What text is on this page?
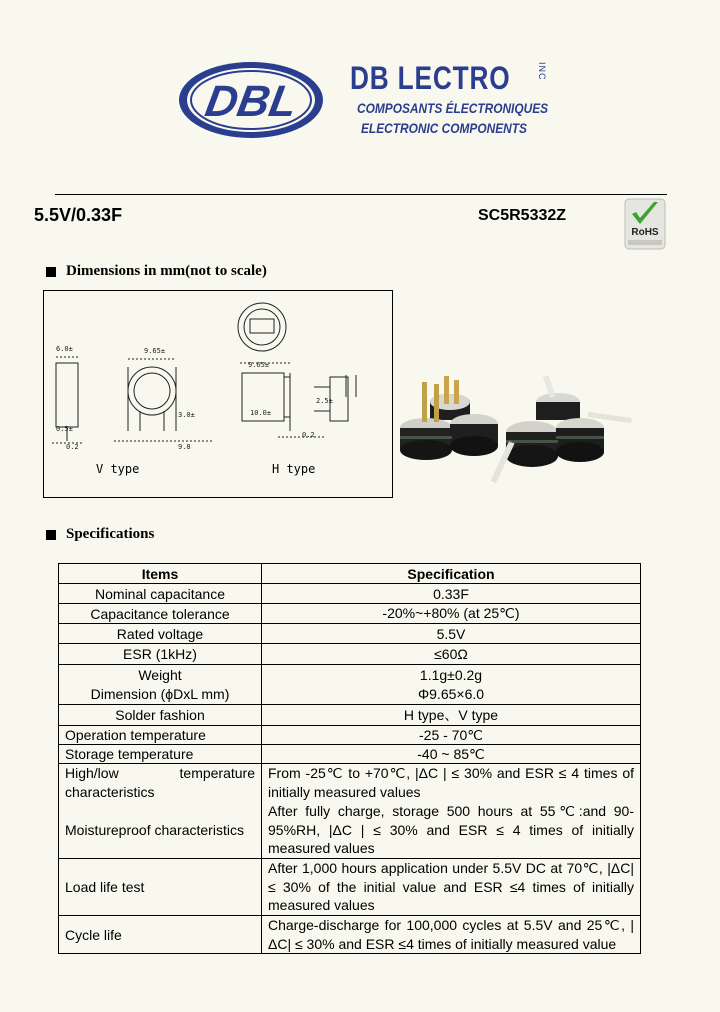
DBL DB LECTRO	INC
COMPOSANTS ÉLECTRONIQUES
ELECTRONIC COMPONENTS
5.5V/0.33F	SC5R5332Z
RoHS
Dimensions in mm(not to scale)
6.0±	9.65±
0.5±
0.2	9.8
3.0±
9.65±
10.0±
2.5±
0.2
V type	H type
Specifications
Items	Specification
Nominal capacitance	0.33F
Capacitance tolerance	-20%~+80% (at 25℃)
Rated voltage	5.5V
ESR (1kHz)	≤60Ω
Weight	1.1g±0.2g
Dimension (ϕDxL mm)	Φ9.65×6.0
Solder fashion	H type、V type
Operation temperature	-25 - 70℃
Storage temperature	-40 ~ 85℃
High/low temperature characteristics	From -25℃ to +70℃, |ΔC | ≤ 30% and ESR ≤ 4 times of initially measured values
Moistureproof characteristics	After fully charge, storage 500 hours at 55℃:and 90-95%RH, |ΔC | ≤ 30% and ESR ≤ 4 times of initially measured values
Load life test	After 1,000 hours application under 5.5V DC at 70℃, |ΔC| ≤ 30% of the initial value and ESR ≤4 times of initially measured values
Cycle life	Charge-discharge for 100,000 cycles at 5.5V and 25℃, |ΔC| ≤ 30% and ESR ≤4 times of initially measured value
